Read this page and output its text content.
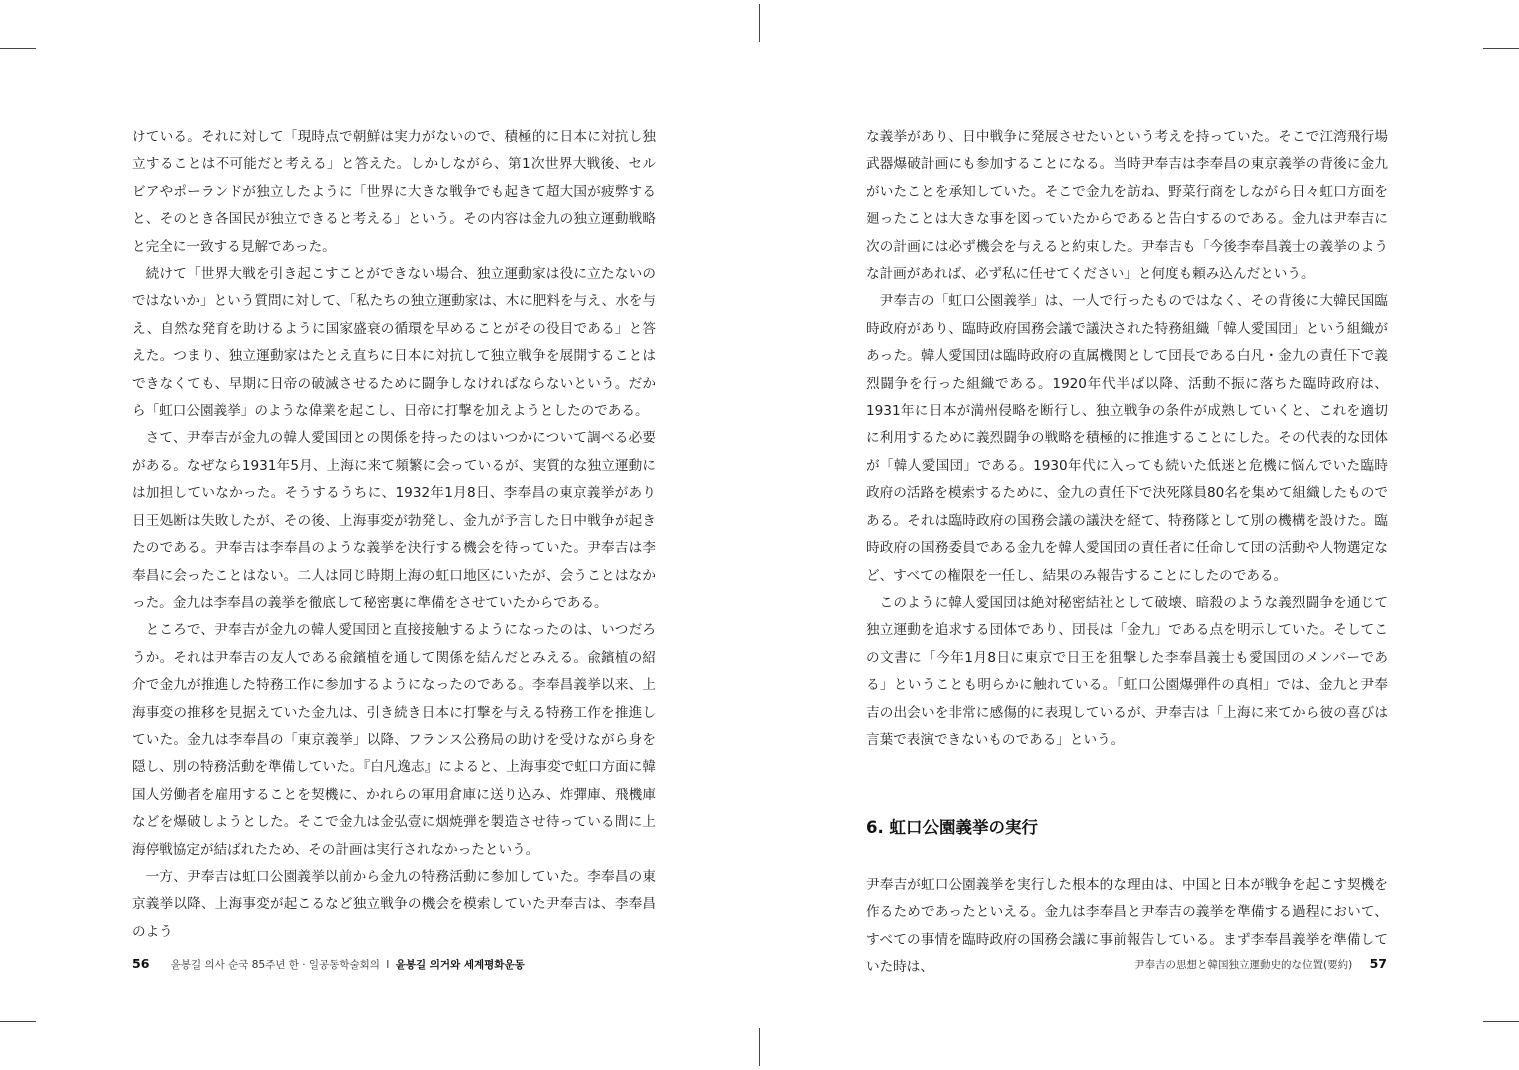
けている。それに対して「現時点で朝鮮は実力がないので、積極的に日本に対抗し独立することは不可能だと考える」と答えた。しかしながら、第1次世界大戦後、セルビアやポーランドが独立したように「世界に大きな戦争でも起きて超大国が疲弊すると、そのとき各国民が独立できると考える」という。その内容は金九の独立運動戦略と完全に一致する見解であった。

続けて「世界大戦を引き起こすことができない場合、独立運動家は役に立たないのではないか」という質問に対して、「私たちの独立運動家は、木に肥料を与え、水を与え、自然な発育を助けるように国家盛衰の循環を早めることがその役目である」と答えた。つまり、独立運動家はたとえ直ちに日本に対抗して独立戦争を展開することはできなくても、早期に日帝の破滅させるために闘争しなければならないという。だから「虹口公園義挙」のような偉業を起こし、日帝に打撃を加えようとしたのである。

さて、尹奉吉が金九の韓人愛国団との関係を持ったのはいつかについて調べる必要がある。なぜなら1931年5月、上海に来て頻繁に会っているが、実質的な独立運動には加担していなかった。そうするうちに、1932年1月8日、李奉昌の東京義挙があり日王処断は失敗したが、その後、上海事変が勃発し、金九が予言した日中戦争が起きたのである。尹奉吉は李奉昌のような義挙を決行する機会を待っていた。尹奉吉は李奉昌に会ったことはない。二人は同じ時期上海の虹口地区にいたが、会うことはなかった。金九は李奉昌の義挙を徹底して秘密裏に準備をさせていたからである。

ところで、尹奉吉が金九の韓人愛国団と直接接触するようになったのは、いつだろうか。それは尹奉吉の友人である兪鑌植を通して関係を結んだとみえる。兪鑌植の紹介で金九が推進した特務工作に参加するようになったのである。李奉昌義挙以来、上海事変の推移を見据えていた金九は、引き続き日本に打撃を与える特務工作を推進していた。金九は李奉昌の「東京義挙」以降、フランス公務局の助けを受けながら身を隠し、別の特務活動を準備していた。『白凡逸志』によると、上海事変で虹口方面に韓国人労働者を雇用することを契機に、かれらの軍用倉庫に送り込み、炸彈庫、飛機庫などを爆破しようとした。そこで金九は金弘壹に烟焼弾を製造させ待っている間に上海停戦協定が結ばれたため、その計画は実行されなかったという。

一方、尹奉吉は虹口公園義挙以前から金九の特務活動に参加していた。李奉昌の東京義挙以降、上海事変が起こるなど独立戦争の機会を模索していた尹奉吉は、李奉昌のよう

56 윤봉길 의사 순국 85주년 한 · 일공동학술회의 I 윤봉길 의거와 세계평화운동

な義挙があり、日中戦争に発展させたいという考えを持っていた。そこで江湾飛行場武器爆破計画にも参加することになる。当時尹奉吉は李奉昌の東京義挙の背後に金九がいたことを承知していた。そこで金九を訪ね、野菜行商をしながら日々虹口方面を廻ったことは大きな事を図っていたからであると告白するのである。金九は尹奉吉に次の計画には必ず機会を与えると約束した。尹奉吉も「今後李奉昌義士の義挙のような計画があれば、必ず私に任せてください」と何度も頼み込んだという。

尹奉吉の「虹口公園義挙」は、一人で行ったものではなく、その背後に大韓民国臨時政府があり、臨時政府国務会議で議決された特務組織「韓人愛国団」という組織があった。韓人愛国団は臨時政府の直属機関として団長である白凡・金九の責任下で義烈闘争を行った組織である。1920年代半ば以降、活動不振に落ちた臨時政府は、1931年に日本が満州侵略を断行し、独立戦争の条件が成熟していくと、これを適切に利用するために義烈闘争の戦略を積極的に推進することにした。その代表的な団体が「韓人愛国団」である。1930年代に入っても続いた低迷と危機に悩んでいた臨時政府の活路を模索するために、金九の責任下で決死隊員80名を集めて組織したものである。それは臨時政府の国務会議の議決を経て、特務隊として別の機構を設けた。臨時政府の国務委員である金九を韓人愛国団の責任者に任命して団の活動や人物選定など、すべての権限を一任し、結果のみ報告することにしたのである。

このように韓人愛国団は絶対秘密結社として破壊、暗殺のような義烈闘争を通じて独立運動を追求する団体であり、団長は「金九」である点を明示していた。そしてこの文書に「今年1月8日に東京で日王を狙撃した李奉昌義士も愛国団のメンバーである」ということも明らかに触れている。「虹口公園爆弾件の真相」では、金九と尹奉吉の出会いを非常に感傷的に表現しているが、尹奉吉は「上海に来てから彼の喜びは言葉で表演できないものである」という。

6. 虹口公園義挙の実行

尹奉吉が虹口公園義挙を実行した根本的な理由は、中国と日本が戦争を起こす契機を作るためであったといえる。金九は李奉昌と尹奉吉の義挙を準備する過程において、すべての事情を臨時政府の国務会議に事前報告している。まず李奉昌義挙を準備していた時は、	尹奉吉の思想と韓国独立運動史的な位置(要約) 57
